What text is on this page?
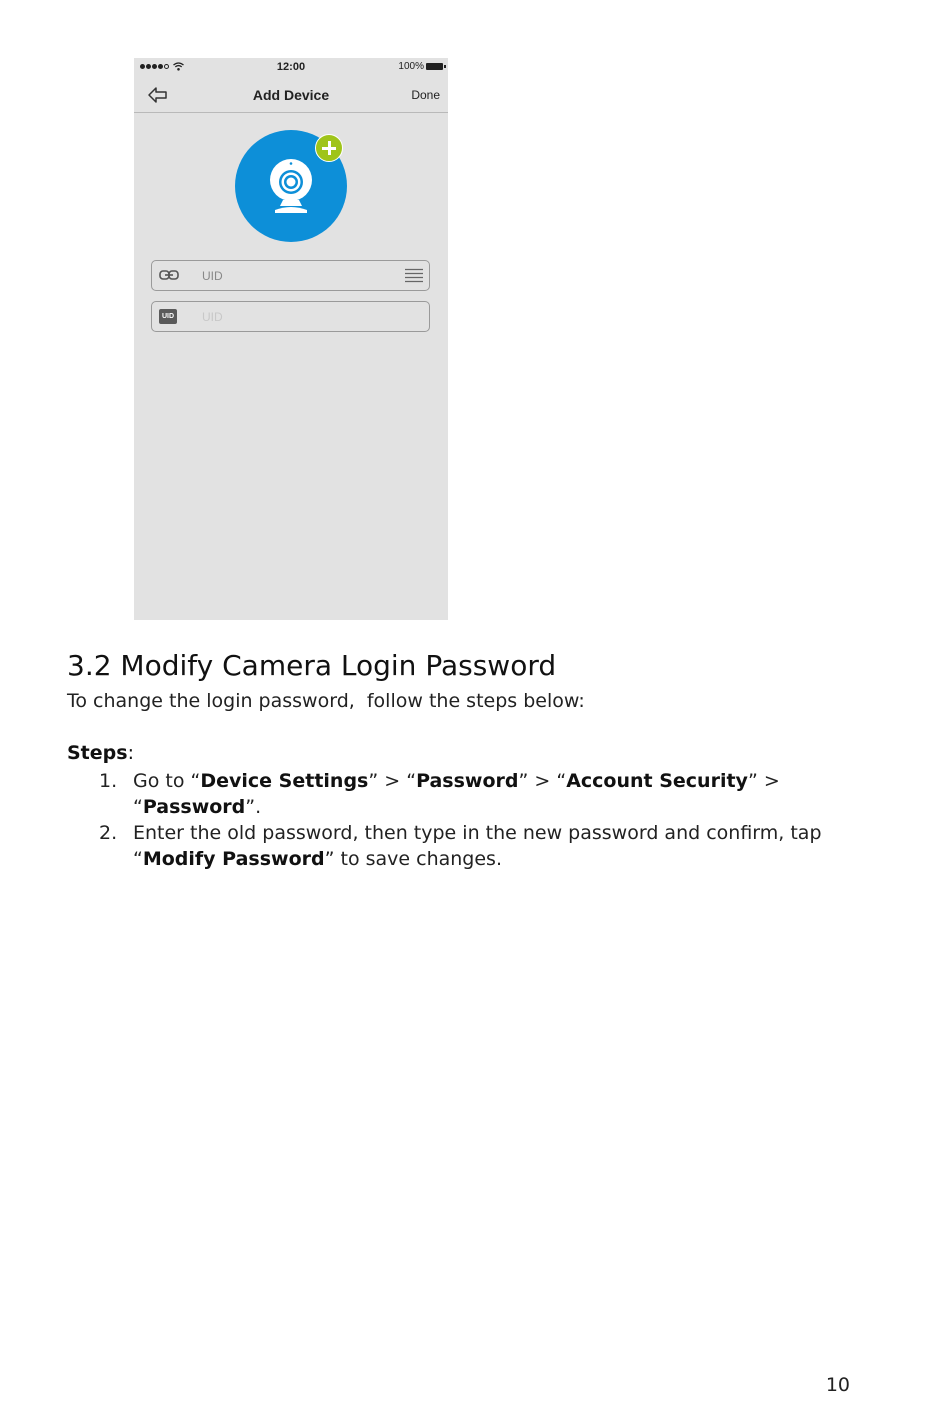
12:00	100%
Add Device	Done
UID
UID UID
3.2 Modify Camera Login Password

To change the login password,  follow the steps below:

Steps:

1. Go to “Device Settings” > “Password” > “Account Security” > “Password”.
2. Enter the old password, then type in the new password and confirm, tap “Modify Password” to save changes.
10
